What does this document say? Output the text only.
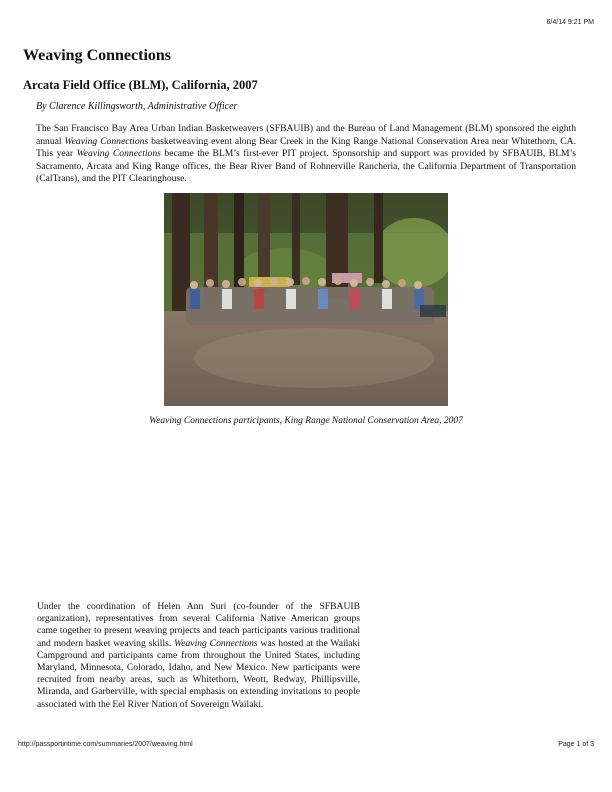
6/4/14 9:21 PM
Weaving Connections
Arcata Field Office (BLM), California, 2007
By Clarence Killingsworth, Administrative Officer

The San Francisco Bay Area Urban Indian Basketweavers (SFBAUIB) and the Bureau of Land Management (BLM) sponsored the eighth annual Weaving Connections basketweaving event along Bear Creek in the King Range National Conservation Area near Whitethorn, CA. This year Weaving Connections became the BLM’s first-ever PIT project. Sponsorship and support was provided by SFBAUIB, BLM’s Sacramento, Arcata and King Range offices, the Bear River Band of Rohnerville Rancheria, the California Department of Transportation (CalTrans), and the PIT Clearinghouse.

Weaving Connections participants, King Range National Conservation Area, 2007

Under the coordination of Helen Ann Suri (co-founder of the SFBAUIB organization), representatives from several California Native American groups came together to present weaving projects and teach participants various traditional and modern basket weaving skills. Weaving Connections was hosted at the Wailaki Campground and participants came from throughout the United States, including Maryland, Minnesota, Colorado, Idaho, and New Mexico. New participants were recruited from nearby areas, such as Whitethorn, Weott, Redway, Phillipsville, Miranda, and Garberville, with special emphasis on extending invitations to people associated with the Eel River Nation of Sovereign Wailaki.

http://passportintime.com/summaries/2007/weaving.html	Page 1 of 3
